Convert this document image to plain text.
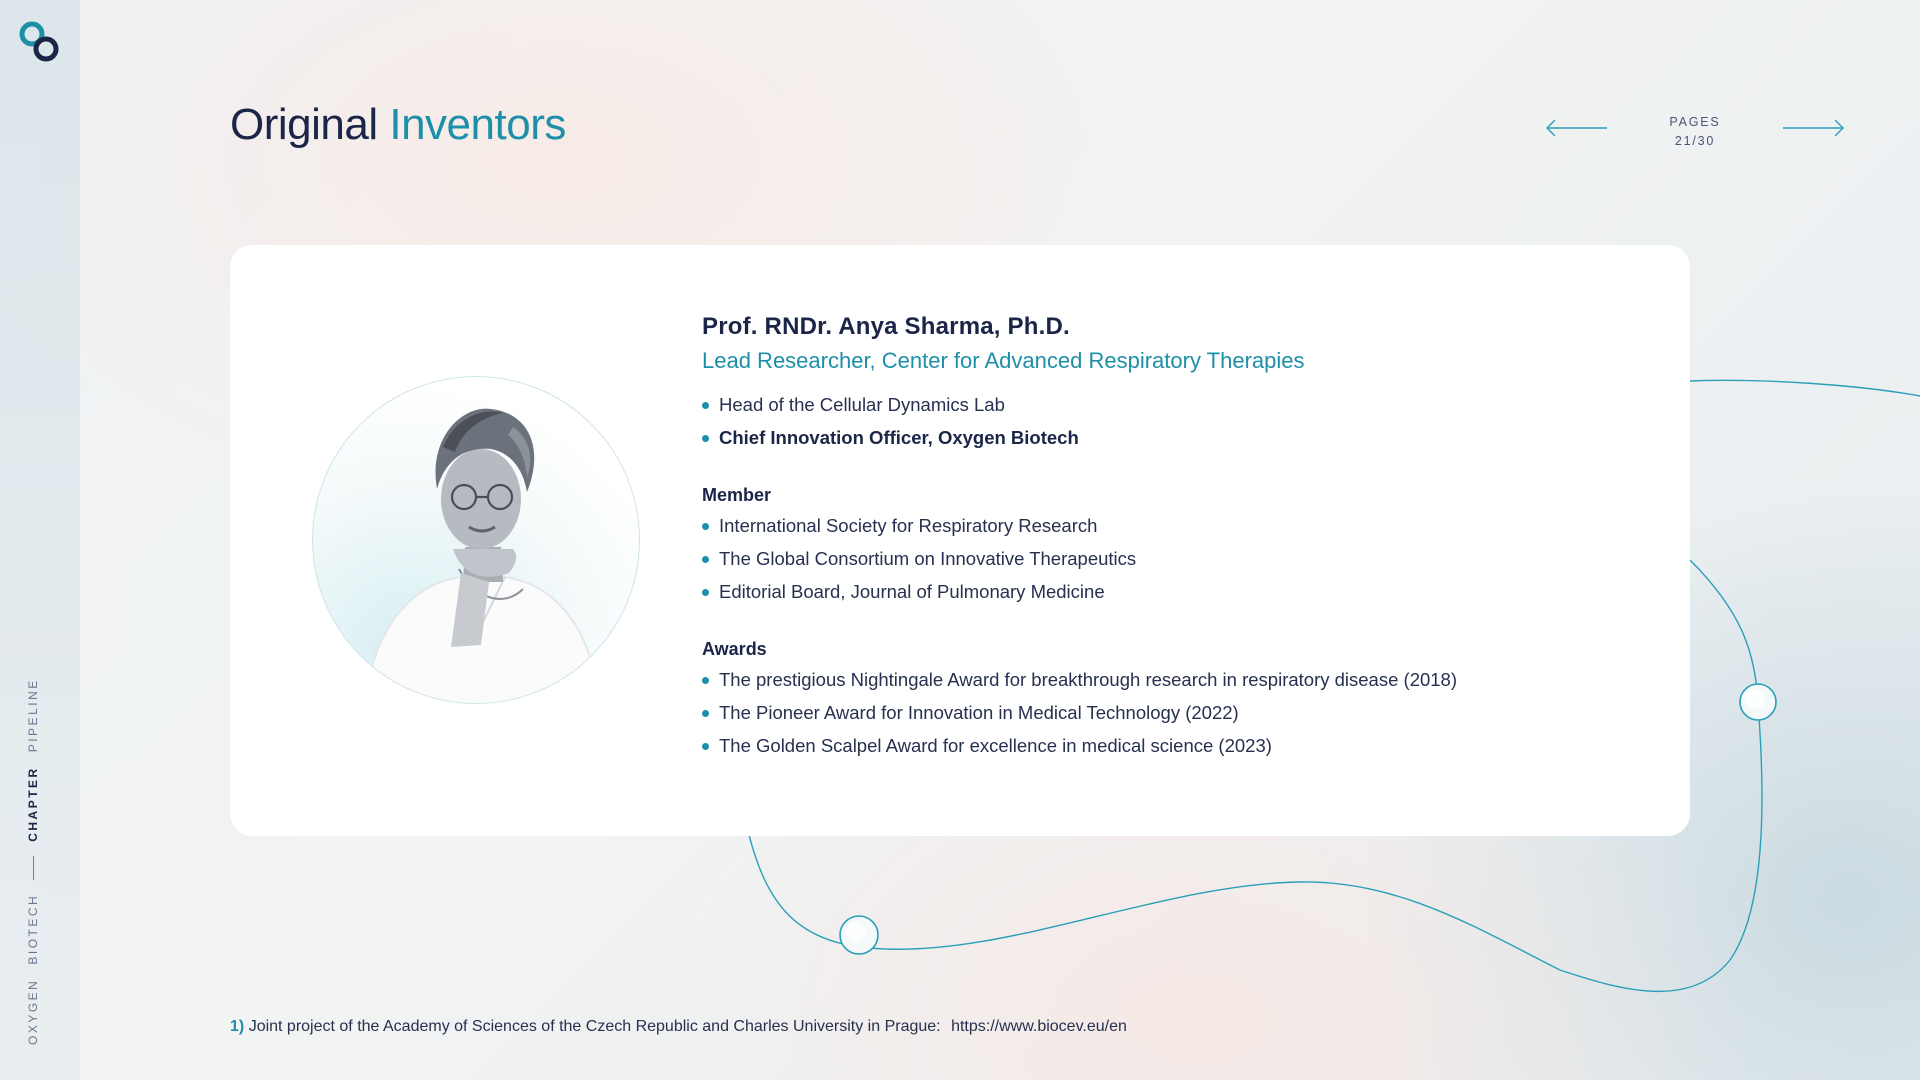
OXYGEN
BIOTECH
CHAPTER
PIPELINE
Original Inventors	PAGES
21/30
Prof. RNDr. Anya Sharma, Ph.D.
Lead Researcher, Center for Advanced Respiratory Therapies
Head of the Cellular Dynamics Lab
Chief Innovation Officer, Oxygen Biotech
Member
International Society for Respiratory Research
The Global Consortium on Innovative Therapeutics
Editorial Board, Journal of Pulmonary Medicine
Awards
The prestigious Nightingale Award for breakthrough research in respiratory disease (2018)
The Pioneer Award for Innovation in Medical Technology (2022)
The Golden Scalpel Award for excellence in medical science (2023)
1) Joint project of the Academy of Sciences of the Czech Republic and Charles University in Prague: https://www.biocev.eu/en
